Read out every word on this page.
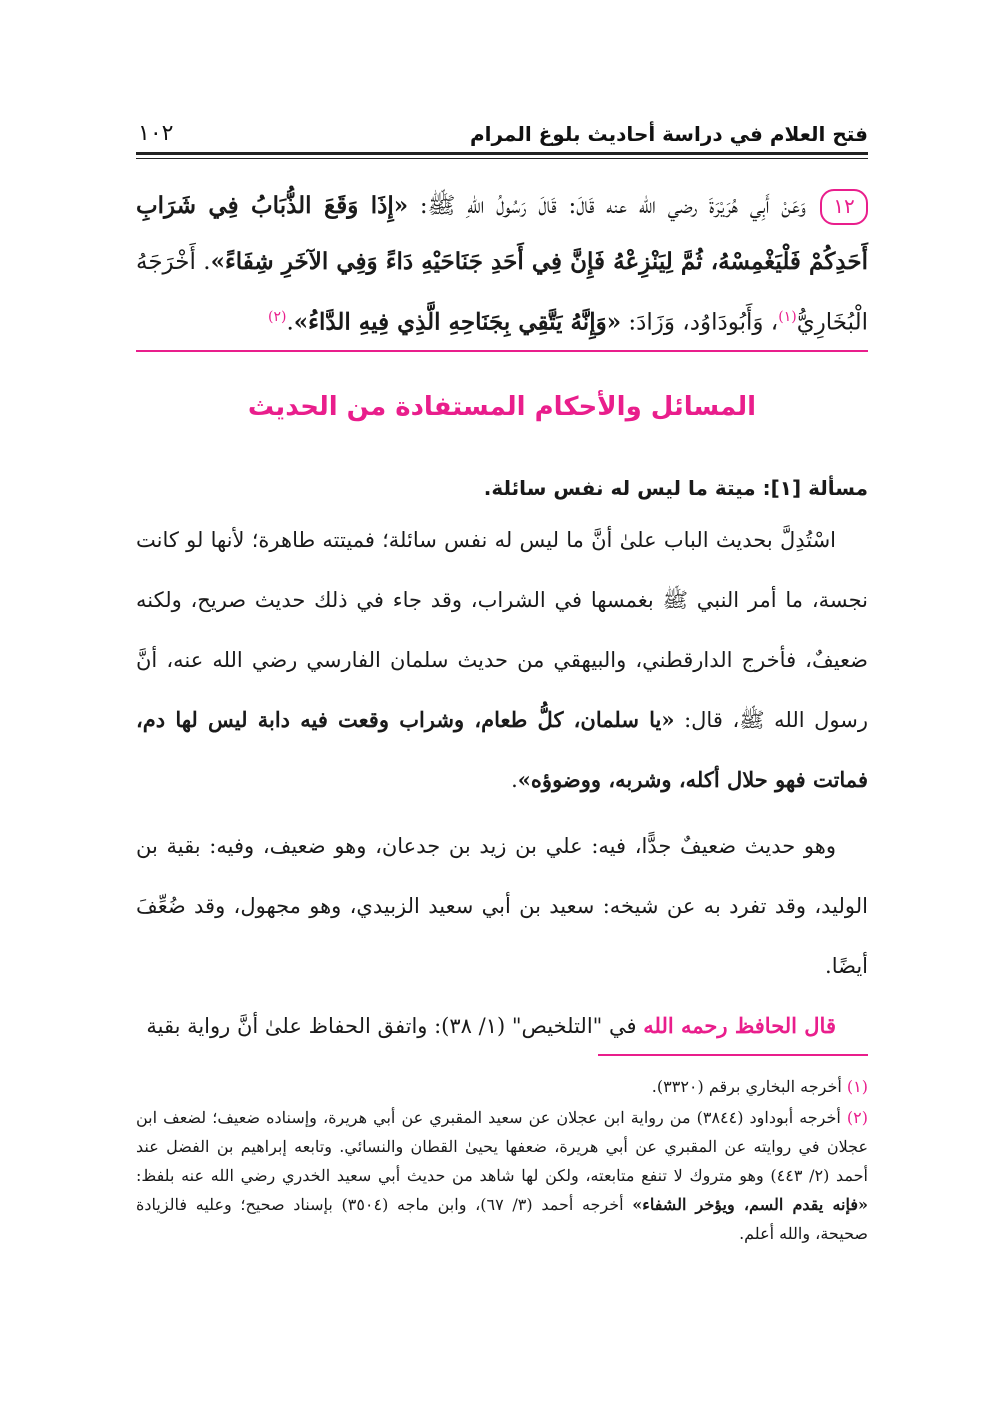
فتح العلام في دراسة أحاديث بلوغ المرام
١٠٢
١٢وَعَنْ أَبِي هُرَيْرَةَ رضي الله عنه قَالَ: قَالَ رَسُولُ اللهِ ﷺ: «إِذَا وَقَعَ الذُّبَابُ فِي شَرَابِ أَحَدِكُمْ فَلْيَغْمِسْهُ، ثُمَّ لِيَنْزِعْهُ فَإِنَّ فِي أَحَدِ جَنَاحَيْهِ دَاءً وَفِي الآخَرِ شِفَاءً». أَخْرَجَهُ الْبُخَارِيُّ$^{(١)}$، وَأَبُودَاوُد، وَزَادَ: «وَإِنَّهُ يَتَّقِي بِجَنَاحِهِ الَّذِي فِيهِ الدَّاءُ».$^{(٢)}$
المسائل والأحكام المستفادة من الحديث

مسألة [١]: ميتة ما ليس له نفس سائلة.

اسْتُدِلَّ بحديث الباب علىٰ أنَّ ما ليس له نفس سائلة؛ فميتته طاهرة؛ لأنها لو كانت نجسة، ما أمر النبي ﷺ بغمسها في الشراب، وقد جاء في ذلك حديث صريح، ولكنه ضعيفٌ، فأخرج الدارقطني، والبيهقي من حديث سلمان الفارسي رضي الله عنه، أنَّ رسول الله ﷺ، قال: «يا سلمان، كلُّ طعام، وشراب وقعت فيه دابة ليس لها دم، فماتت فهو حلال أكله، وشربه، ووضوؤه».

وهو حديث ضعيفٌ جدًّا، فيه: علي بن زيد بن جدعان، وهو ضعيف، وفيه: بقية بن الوليد، وقد تفرد به عن شيخه: سعيد بن أبي سعيد الزبيدي، وهو مجهول، وقد ضُعِّفَ أيضًا.

قال الحافظ رحمه الله في "التلخيص" (١/ ٣٨): واتفق الحفاظ علىٰ أنَّ رواية بقية

(١) أخرجه البخاري برقم (٣٣٢٠).

(٢) أخرجه أبوداود (٣٨٤٤) من رواية ابن عجلان عن سعيد المقبري عن أبي هريرة، وإسناده ضعيف؛ لضعف ابن عجلان في روايته عن المقبري عن أبي هريرة، ضعفها يحيىٰ القطان والنسائي. وتابعه إبراهيم بن الفضل عند أحمد (٢/ ٤٤٣) وهو متروك لا تنفع متابعته، ولكن لها شاهد من حديث أبي سعيد الخدري رضي الله عنه بلفظ: «فإنه يقدم السم، ويؤخر الشفاء» أخرجه أحمد (٣/ ٦٧)، وابن ماجه (٣٥٠٤) بإسناد صحيح؛ وعليه فالزيادة صحيحة، والله أعلم.
